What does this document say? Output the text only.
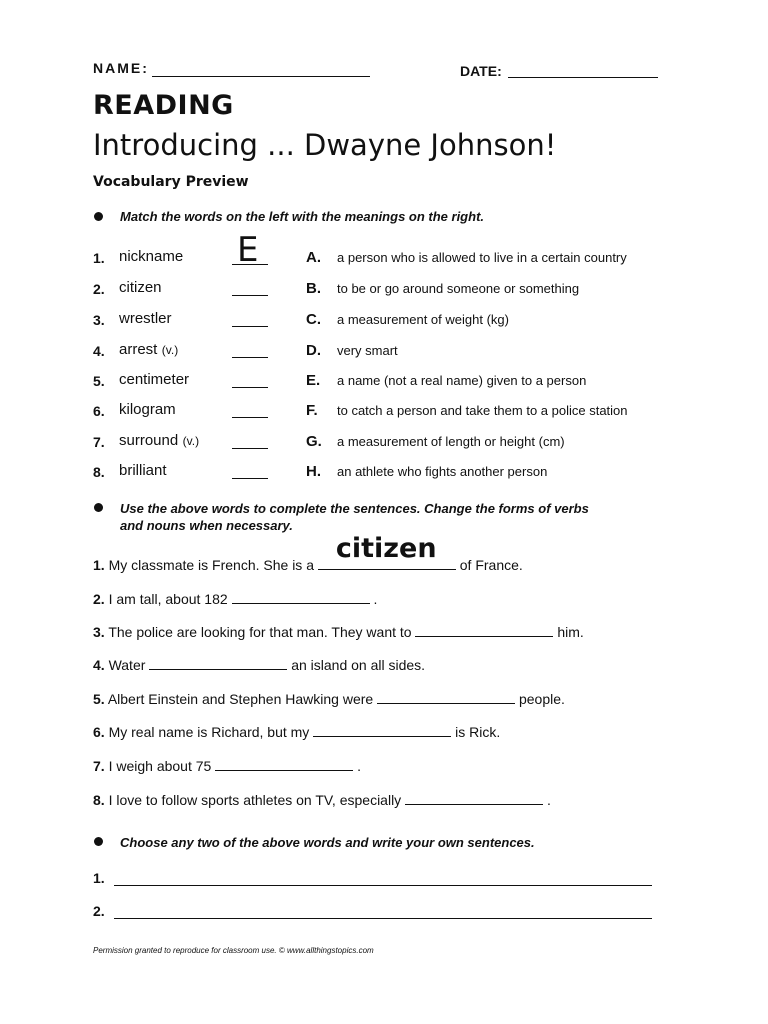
NAME:	DATE:
READING
Introducing ... Dwayne Johnson!
Vocabulary Preview
Match the words on the left with the meanings on the right.
1. nickname E	A. a person who is allowed to live in a certain country
2. citizen	B. to be or go around someone or something
3. wrestler	C. a measurement of weight (kg)
4. arrest (v.)	D. very smart
5. centimeter	E. a name (not a real name) given to a person
6. kilogram	F. to catch a person and take them to a police station
7. surround (v.)	G. a measurement of length or height (cm)
8. brilliant	H. an athlete who fights another person
Use the above words to complete the sentences. Change the forms of verbs
and nouns when necessary.
1. My classmate is French. She is a
citizen
of France.
2. I am tall, about 182	.
3. The police are looking for that man. They want to	him.
4. Water	an island on all sides.
5. Albert Einstein and Stephen Hawking were	people.
6. My real name is Richard, but my	is Rick.
7. I weigh about 75	.
8. I love to follow sports athletes on TV, especially	.
Choose any two of the above words and write your own sentences.
1.
2.
Permission granted to reproduce for classroom use. © www.allthingstopics.com
